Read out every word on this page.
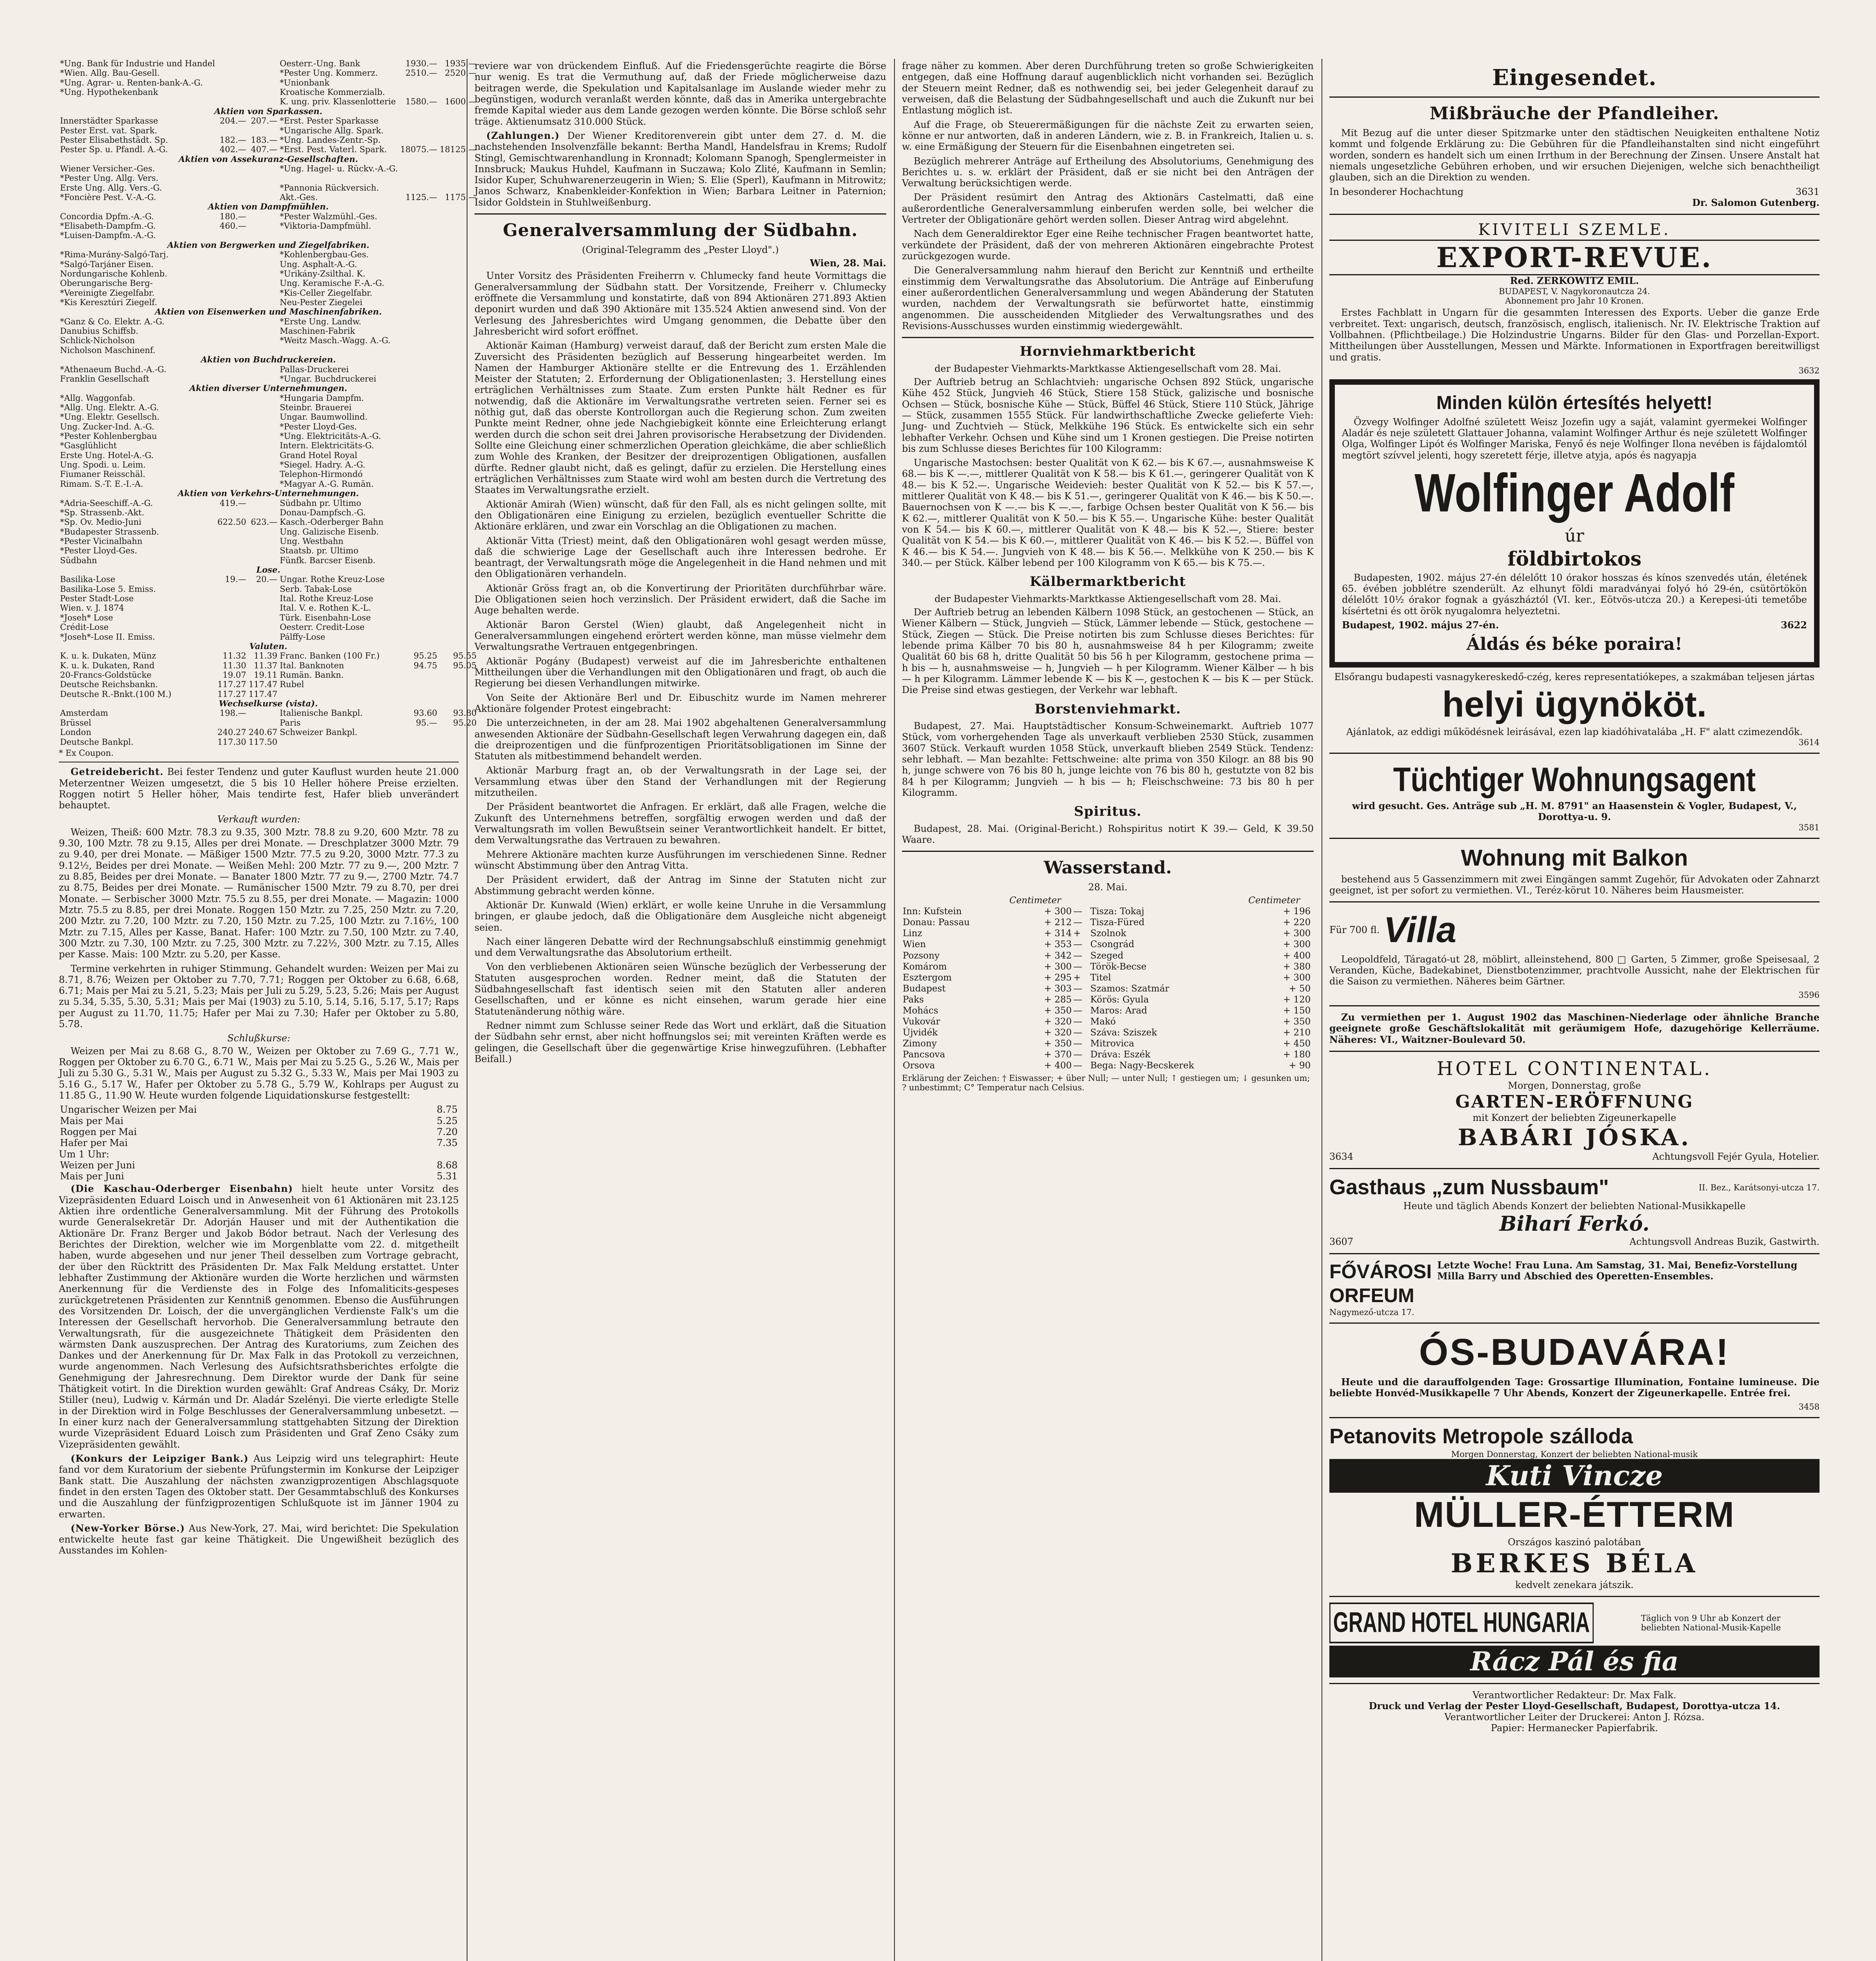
*Ung. Bank für Industrie und Handel			Oesterr.-Ung. Bank	1930.—	1935.—
*Wien. Allg. Bau-Gesell.			*Pester Ung. Kommerz.	2510.—	2520.—
*Ung. Agrar- u. Renten-bank-A.-G.			*Unionbank		
*Ung. Hypothekenbank			Kroatische Kommerzialb.		
			K. ung. priv. Klassenlotterie	1580.—	1600.—
Aktien von Sparkassen.					
Innerstädter Sparkasse	204.—	207.—	*Erst. Pester Sparkasse		
Pester Erst. vat. Spark.			*Ungarische Allg. Spark.		
Pester Elisabethstädt. Sp.	182.—	183.—	*Ung. Landes-Zentr.-Sp.		
Pester Sp. u. Pfandl. A.-G.	402.—	407.—	*Erst. Pest. Vaterl. Spark.	18075.—	18125.—
Aktien von Assekuranz-Gesellschaften.					
Wiener Versicher.-Ges.			*Ung. Hagel- u. Rückv.-A.-G.		
*Pester Ung. Allg. Vers.					
Erste Ung. Allg. Vers.-G.			*Pannonia Rückversich.		
*Foncière Pest. V.-A.-G.			Akt.-Ges.	1125.—	1175.—
Aktien von Dampfmühlen.					
Concordia Dpfm.-A.-G.	180.—		*Pester Walzmühl.-Ges.		
*Elisabeth-Dampfm.-G.	460.—		*Viktoria-Dampfmühl.		
*Luisen-Dampfm.-A.-G.					
Aktien von Bergwerken und Ziegelfabriken.					
*Rima-Murány-Salgó-Tarj.			*Kohlenbergbau-Ges.		
*Salgó-Tarjáner Eisen.			Ung. Asphalt-A.-G.		
Nordungarische Kohlenb.			*Urikány-Zsilthal. K.		
Oberungarische Berg-			Ung. Keramische F.-A.-G.		
*Vereinigte Ziegelfabr.			*Kis-Celler Ziegelfabr.		
*Kis Keresztúri Ziegelf.			Neu-Pester Ziegelei		
Aktien von Eisenwerken und Maschinenfabriken.					
*Ganz & Co. Elektr. A.-G.			*Erste Ung. Landw.		
Danubius Schiffsb.			Maschinen-Fabrik		
Schlick-Nicholson			*Weitz Masch.-Wagg. A.-G.		
Nicholson Maschinenf.					
Aktien von Buchdruckereien.					
*Athenaeum Buchd.-A.-G.			Pallas-Druckerei		
Franklin Gesellschaft			*Ungar. Buchdruckerei		
Aktien diverser Unternehmungen.					
*Allg. Waggonfab.			*Hungaria Dampfm.		
*Allg. Ung. Elektr. A.-G.			Steinbr. Brauerei		
*Ung. Elektr. Gesellsch.			Ungar. Baumwollind.		
Ung. Zucker-Ind. A.-G.			*Pester Lloyd-Ges.		
*Pester Kohlenbergbau			*Ung. Elektricitäts-A.-G.		
*Gasglühlicht			Intern. Elektricitäts-G.		
Erste Ung. Hotel-A.-G.			Grand Hotel Royal		
Ung. Spodi. u. Leim.			*Siegel. Hadry. A.-G.		
Fiumaner Reisschäl.			Telephon-Hirmondó		
Rimam. S.-T. E.-I.-A.			*Magyar A.-G. Rumän.		
Aktien von Verkehrs-Unternehmungen.					
*Adria-Seeschiff.-A.-G.	419.—		Südbahn pr. Ultimo		
*Sp. Strassenb.-Akt.			Donau-Dampfsch.-G.		
*Sp. Ov. Medio-Juni	622.50	623.—	Kasch.-Oderberger Bahn		
*Budapester Strassenb.			Ung. Galizische Eisenb.		
*Pester Vicinalbahn			Ung. Westbahn		
*Pester Lloyd-Ges.			Staatsb. pr. Ultimo		
Südbahn			Fünfk. Barcser Eisenb.		
Lose.					
Basilika-Lose	19.—	20.—	Ungar. Rothe Kreuz-Lose		
Basilika-Lose 5. Emiss.			Serb. Tabak-Lose		
Pester Stadt-Lose			Ital. Rothe Kreuz-Lose		
Wien. v. J. 1874			Ital. V. e. Rothen K.-L.		
*Joseh* Lose			Türk. Eisenbahn-Lose		
Crédit-Lose			Oesterr. Credit-Lose		
*Joseh*-Lose II. Emiss.			Pálffy-Lose		
Valuten.					
K. u. k. Dukaten, Münz	11.32	11.39	Franc. Banken (100 Fr.)	95.25	95.55
K. u. k. Dukaten, Rand	11.30	11.37	Ital. Banknoten	94.75	95.05
20-Francs-Goldstücke	19.07	19.11	Rumän. Bankn.		
Deutsche Reichsbankn.	117.27	117.47	Rubel		
Deutsche R.-Bnkt.(100 M.)	117.27	117.47			
Wechselkurse (vista).					
Amsterdam	198.—		Italienische Bankpl.	93.60	93.80
Brüssel			Paris	95.—	95.20
London	240.27	240.67	Schweizer Bankpl.		
Deutsche Bankpl.	117.30	117.50			
* Ex Coupon.
Getreidebericht. Bei fester Tendenz und guter Kauflust wurden heute 21.000 Meterzentner Weizen umgesetzt, die 5 bis 10 Heller höhere Preise erzielten. Roggen notirt 5 Heller höher, Mais tendirte fest, Hafer blieb unverändert behauptet.
Verkauft wurden:
Weizen, Theiß: 600 Mztr. 78.3 zu 9.35, 300 Mztr. 78.8 zu 9.20, 600 Mztr. 78 zu 9.30, 100 Mztr. 78 zu 9.15, Alles per drei Monate. — Dreschplatzer 3000 Mztr. 79 zu 9.40, per drei Monate. — Mäßiger 1500 Mztr. 77.5 zu 9.20, 3000 Mztr. 77.3 zu 9.12½, Beides per drei Monate. — Weißen Mehl: 200 Mztr. 77 zu 9.—, 200 Mztr. 7 zu 8.85, Beides per drei Monate. — Banater 1800 Mztr. 77 zu 9.—, 2700 Mztr. 74.7 zu 8.75, Beides per drei Monate. — Rumänischer 1500 Mztr. 79 zu 8.70, per drei Monate. — Serbischer 3000 Mztr. 75.5 zu 8.55, per drei Monate. — Magazin: 1000 Mztr. 75.5 zu 8.85, per drei Monate. Roggen 150 Mztr. zu 7.25, 250 Mztr. zu 7.20, 200 Mztr. zu 7.20, 100 Mztr. zu 7.20, 150 Mztr. zu 7.25, 100 Mztr. zu 7.16½, 100 Mztr. zu 7.15, Alles per Kasse, Banat. Hafer: 100 Mztr. zu 7.50, 100 Mztr. zu 7.40, 300 Mztr. zu 7.30, 100 Mztr. zu 7.25, 300 Mztr. zu 7.22½, 300 Mztr. zu 7.15, Alles per Kasse. Mais: 100 Mztr. zu 5.20, per Kasse.
Termine verkehrten in ruhiger Stimmung. Gehandelt wurden: Weizen per Mai zu 8.71, 8.76; Weizen per Oktober zu 7.70, 7.71; Roggen per Oktober zu 6.68, 6.68, 6.71; Mais per Mai zu 5.21, 5.23; Mais per Juli zu 5.29, 5.23, 5.26; Mais per August zu 5.34, 5.35, 5.30, 5.31; Mais per Mai (1903) zu 5.10, 5.14, 5.16, 5.17, 5.17; Raps per August zu 11.70, 11.75; Hafer per Mai zu 7.30; Hafer per Oktober zu 5.80, 5.78.
Schlußkurse:
Weizen per Mai zu 8.68 G., 8.70 W., Weizen per Oktober zu 7.69 G., 7.71 W., Roggen per Oktober zu 6.70 G., 6.71 W., Mais per Mai zu 5.25 G., 5.26 W., Mais per Juli zu 5.30 G., 5.31 W., Mais per August zu 5.32 G., 5.33 W., Mais per Mai 1903 zu 5.16 G., 5.17 W., Hafer per Oktober zu 5.78 G., 5.79 W., Kohlraps per August zu 11.85 G., 11.90 W. Heute wurden folgende Liquidationskurse festgestellt:
Ungarischer Weizen per Mai	8.75
Mais per Mai	5.25
Roggen per Mai	7.20
Hafer per Mai	7.35
Um 1 Uhr:
Weizen per Juni	8.68
Mais per Juni	5.31
(Die Kaschau-Oderberger Eisenbahn) hielt heute unter Vorsitz des Vizepräsidenten Eduard Loisch und in Anwesenheit von 61 Aktionären mit 23.125 Aktien ihre ordentliche Generalversammlung. Mit der Führung des Protokolls wurde Generalsekretär Dr. Adorján Hauser und mit der Authentikation die Aktionäre Dr. Franz Berger und Jakob Bódor betraut. Nach der Verlesung des Berichtes der Direktion, welcher wie im Morgenblatte vom 22. d. mitgetheilt haben, wurde abgesehen und nur jener Theil desselben zum Vortrage gebracht, der über den Rücktritt des Präsidenten Dr. Max Falk Meldung erstattet. Unter lebhafter Zustimmung der Aktionäre wurden die Worte herzlichen und wärmsten Anerkennung für die Verdienste des in Folge des Infomaliticits-gespeses zurückgetretenen Präsidenten zur Kenntniß genommen. Ebenso die Ausführungen des Vorsitzenden Dr. Loisch, der die unvergänglichen Verdienste Falk's um die Interessen der Gesellschaft hervorhob. Die Generalversammlung betraute den Verwaltungsrath, für die ausgezeichnete Thätigkeit dem Präsidenten den wärmsten Dank auszusprechen. Der Antrag des Kuratoriums, zum Zeichen des Dankes und der Anerkennung für Dr. Max Falk in das Protokoll zu verzeichnen, wurde angenommen. Nach Verlesung des Aufsichtsrathsberichtes erfolgte die Genehmigung der Jahresrechnung. Dem Direktor wurde der Dank für seine Thätigkeit votirt. In die Direktion wurden gewählt: Graf Andreas Csáky, Dr. Moriz Stiller (neu), Ludwig v. Kármán und Dr. Aladár Szelényi. Die vierte erledigte Stelle in der Direktion wird in Folge Beschlusses der Generalversammlung unbesetzt. — In einer kurz nach der Generalversammlung stattgehabten Sitzung der Direktion wurde Vizepräsident Eduard Loisch zum Präsidenten und Graf Zeno Csáky zum Vizepräsidenten gewählt.
(Konkurs der Leipziger Bank.) Aus Leipzig wird uns telegraphirt: Heute fand vor dem Kuratorium der siebente Prüfungstermin im Konkurse der Leipziger Bank statt. Die Auszahlung der nächsten zwanzigprozentigen Abschlagsquote findet in den ersten Tagen des Oktober statt. Der Gesammtabschluß des Konkurses und die Auszahlung der fünfzigprozentigen Schlußquote ist im Jänner 1904 zu erwarten.
(New-Yorker Börse.) Aus New-York, 27. Mai, wird berichtet: Die Spekulation entwickelte heute fast gar keine Thätigkeit. Die Ungewißheit bezüglich des Ausstandes im Kohlen-
reviere war von drückendem Einfluß. Auf die Friedensgerüchte reagirte die Börse nur wenig. Es trat die Vermuthung auf, daß der Friede möglicherweise dazu beitragen werde, die Spekulation und Kapitalsanlage im Auslande wieder mehr zu begünstigen, wodurch veranlaßt werden könnte, daß das in Amerika untergebrachte fremde Kapital wieder aus dem Lande gezogen werden könnte. Die Börse schloß sehr träge. Aktienumsatz 310.000 Stück.
(Zahlungen.) Der Wiener Kreditorenverein gibt unter dem 27. d. M. die nachstehenden Insolvenzfälle bekannt: Bertha Mandl, Handelsfrau in Krems; Rudolf Stingl, Gemischtwarenhandlung in Kronnadt; Kolomann Spanogh, Spenglermeister in Innsbruck; Maukus Huhdel, Kaufmann in Suczawa; Kolo Zlité, Kaufmann in Semlin; Isidor Kuper, Schuhwarenerzeugerin in Wien; S. Elie (Sperl), Kaufmann in Mitrowitz; Janos Schwarz, Knabenkleider-Konfektion in Wien; Barbara Leitner in Paternion; Isidor Goldstein in Stuhlweißenburg.
Generalversammlung der Südbahn.
(Original-Telegramm des „Pester Lloyd".)
Wien, 28. Mai.
Unter Vorsitz des Präsidenten Freiherrn v. Chlumecky fand heute Vormittags die Generalversammlung der Südbahn statt. Der Vorsitzende, Freiherr v. Chlumecky eröffnete die Versammlung und konstatirte, daß von 894 Aktionären 271.893 Aktien deponirt wurden und daß 390 Aktionäre mit 135.524 Aktien anwesend sind. Von der Verlesung des Jahresberichtes wird Umgang genommen, die Debatte über den Jahresbericht wird sofort eröffnet.
Aktionär Kaiman (Hamburg) verweist darauf, daß der Bericht zum ersten Male die Zuversicht des Präsidenten bezüglich auf Besserung hingearbeitet werden. Im Namen der Hamburger Aktionäre stellte er die Entrevung des 1. Erzählenden Meister der Statuten; 2. Erfordernung der Obligationenlasten; 3. Herstellung eines erträglichen Verhältnisses zum Staate. Zum ersten Punkte hält Redner es für notwendig, daß die Aktionäre im Verwaltungsrathe vertreten seien. Ferner sei es nöthig gut, daß das oberste Kontrollorgan auch die Regierung schon. Zum zweiten Punkte meint Redner, ohne jede Nachgiebigkeit könnte eine Erleichterung erlangt werden durch die schon seit drei Jahren provisorische Herabsetzung der Dividenden. Sollte eine Gleichung einer schmerzlichen Operation gleichkäme, die aber schließlich zum Wohle des Kranken, der Besitzer der dreiprozentigen Obligationen, ausfallen dürfte. Redner glaubt nicht, daß es gelingt, dafür zu erzielen. Die Herstellung eines erträglichen Verhältnisses zum Staate wird wohl am besten durch die Vertretung des Staates im Verwaltungsrathe erzielt.
Aktionär Amirah (Wien) wünscht, daß für den Fall, als es nicht gelingen sollte, mit den Obligationären eine Einigung zu erzielen, bezüglich eventueller Schritte die Aktionäre erklären, und zwar ein Vorschlag an die Obligationen zu machen.
Aktionär Vitta (Triest) meint, daß den Obligationären wohl gesagt werden müsse, daß die schwierige Lage der Gesellschaft auch ihre Interessen bedrohe. Er beantragt, der Verwaltungsrath möge die Angelegenheit in die Hand nehmen und mit den Obligationären verhandeln.
Aktionär Gröss fragt an, ob die Konvertirung der Prioritäten durchführbar wäre. Die Obligationen seien hoch verzinslich. Der Präsident erwidert, daß die Sache im Auge behalten werde.
Aktionär Baron Gerstel (Wien) glaubt, daß Angelegenheit nicht in Generalversammlungen eingehend erörtert werden könne, man müsse vielmehr dem Verwaltungsrathe Vertrauen entgegenbringen.
Aktionär Pogány (Budapest) verweist auf die im Jahresberichte enthaltenen Mittheilungen über die Verhandlungen mit den Obligationären und fragt, ob auch die Regierung bei diesen Verhandlungen mitwirke.
Von Seite der Aktionäre Berl und Dr. Eibuschitz wurde im Namen mehrerer Aktionäre folgender Protest eingebracht:
Die unterzeichneten, in der am 28. Mai 1902 abgehaltenen Generalversammlung anwesenden Aktionäre der Südbahn-Gesellschaft legen Verwahrung dagegen ein, daß die dreiprozentigen und die fünfprozentigen Prioritätsobligationen im Sinne der Statuten als mitbestimmend behandelt werden.
Aktionär Marburg fragt an, ob der Verwaltungsrath in der Lage sei, der Versammlung etwas über den Stand der Verhandlungen mit der Regierung mitzutheilen.
Der Präsident beantwortet die Anfragen. Er erklärt, daß alle Fragen, welche die Zukunft des Unternehmens betreffen, sorgfältig erwogen werden und daß der Verwaltungsrath im vollen Bewußtsein seiner Verantwortlichkeit handelt. Er bittet, dem Verwaltungsrathe das Vertrauen zu bewahren.
Mehrere Aktionäre machten kurze Ausführungen im verschiedenen Sinne. Redner wünscht Abstimmung über den Antrag Vitta.
Der Präsident erwidert, daß der Antrag im Sinne der Statuten nicht zur Abstimmung gebracht werden könne.
Aktionär Dr. Kunwald (Wien) erklärt, er wolle keine Unruhe in die Versammlung bringen, er glaube jedoch, daß die Obligationäre dem Ausgleiche nicht abgeneigt seien.
Nach einer längeren Debatte wird der Rechnungsabschluß einstimmig genehmigt und dem Verwaltungsrathe das Absolutorium ertheilt.
Von den verbliebenen Aktionären seien Wünsche bezüglich der Verbesserung der Statuten ausgesprochen worden. Redner meint, daß die Statuten der Südbahngesellschaft fast identisch seien mit den Statuten aller anderen Gesellschaften, und er könne es nicht einsehen, warum gerade hier eine Statutenänderung nöthig wäre.
Redner nimmt zum Schlusse seiner Rede das Wort und erklärt, daß die Situation der Südbahn sehr ernst, aber nicht hoffnungslos sei; mit vereinten Kräften werde es gelingen, die Gesellschaft über die gegenwärtige Krise hinwegzuführen. (Lebhafter Beifall.)
frage näher zu kommen. Aber deren Durchführung treten so große Schwierigkeiten entgegen, daß eine Hoffnung darauf augenblicklich nicht vorhanden sei. Bezüglich der Steuern meint Redner, daß es nothwendig sei, bei jeder Gelegenheit darauf zu verweisen, daß die Belastung der Südbahngesellschaft und auch die Zukunft nur bei Entlastung möglich ist.
Auf die Frage, ob Steuerermäßigungen für die nächste Zeit zu erwarten seien, könne er nur antworten, daß in anderen Ländern, wie z. B. in Frankreich, Italien u. s. w. eine Ermäßigung der Steuern für die Eisenbahnen eingetreten sei.
Bezüglich mehrerer Anträge auf Ertheilung des Absolutoriums, Genehmigung des Berichtes u. s. w. erklärt der Präsident, daß er sie nicht bei den Anträgen der Verwaltung berücksichtigen werde.
Der Präsident resümirt den Antrag des Aktionärs Castelmatti, daß eine außerordentliche Generalversammlung einberufen werden solle, bei welcher die Vertreter der Obligationäre gehört werden sollen. Dieser Antrag wird abgelehnt.
Nach dem Generaldirektor Eger eine Reihe technischer Fragen beantwortet hatte, verkündete der Präsident, daß der von mehreren Aktionären eingebrachte Protest zurückgezogen wurde.
Die Generalversammlung nahm hierauf den Bericht zur Kenntniß und ertheilte einstimmig dem Verwaltungsrathe das Absolutorium. Die Anträge auf Einberufung einer außerordentlichen Generalversammlung und wegen Abänderung der Statuten wurden, nachdem der Verwaltungsrath sie befürwortet hatte, einstimmig angenommen. Die ausscheidenden Mitglieder des Verwaltungsrathes und des Revisions-Ausschusses wurden einstimmig wiedergewählt.
Hornviehmarktbericht
der Budapester Viehmarkts-Marktkasse Aktiengesellschaft vom 28. Mai.
Der Auftrieb betrug an Schlachtvieh: ungarische Ochsen 892 Stück, ungarische Kühe 452 Stück, Jungvieh 46 Stück, Stiere 158 Stück, galizische und bosnische Ochsen — Stück, bosnische Kühe — Stück, Büffel 46 Stück, Stiere 110 Stück, Jährige — Stück, zusammen 1555 Stück. Für landwirthschaftliche Zwecke gelieferte Vieh: Jung- und Zuchtvieh — Stück, Melkkühe 196 Stück. Es entwickelte sich ein sehr lebhafter Verkehr. Ochsen und Kühe sind um 1 Kronen gestiegen. Die Preise notirten bis zum Schlusse dieses Berichtes für 100 Kilogramm:
Ungarische Mastochsen: bester Qualität von K 62.— bis K 67.—, ausnahmsweise K 68.— bis K —.—, mittlerer Qualität von K 58.— bis K 61.—, geringerer Qualität von K 48.— bis K 52.—. Ungarische Weidevieh: bester Qualität von K 52.— bis K 57.—, mittlerer Qualität von K 48.— bis K 51.—, geringerer Qualität von K 46.— bis K 50.—. Bauernochsen von K —.— bis K —.—, farbige Ochsen bester Qualität von K 56.— bis K 62.—, mittlerer Qualität von K 50.— bis K 55.—. Ungarische Kühe: bester Qualität von K 54.— bis K 60.—, mittlerer Qualität von K 48.— bis K 52.—, Stiere: bester Qualität von K 54.— bis K 60.—, mittlerer Qualität von K 46.— bis K 52.—. Büffel von K 46.— bis K 54.—. Jungvieh von K 48.— bis K 56.—. Melkkühe von K 250.— bis K 340.— per Stück. Kälber lebend per 100 Kilogramm von K 65.— bis K 75.—.
Kälbermarktbericht
der Budapester Viehmarkts-Marktkasse Aktiengesellschaft vom 28. Mai.
Der Auftrieb betrug an lebenden Kälbern 1098 Stück, an gestochenen — Stück, an Wiener Kälbern — Stück, Jungvieh — Stück, Lämmer lebende — Stück, gestochene — Stück, Ziegen — Stück. Die Preise notirten bis zum Schlusse dieses Berichtes: für lebende prima Kälber 70 bis 80 h, ausnahmsweise 84 h per Kilogramm; zweite Qualität 60 bis 68 h, dritte Qualität 50 bis 56 h per Kilogramm, gestochene prima — h bis — h, ausnahmsweise — h, Jungvieh — h per Kilogramm. Wiener Kälber — h bis — h per Kilogramm. Lämmer lebende K — bis K —, gestochen K — bis K — per Stück. Die Preise sind etwas gestiegen, der Verkehr war lebhaft.
Borstenviehmarkt.
Budapest, 27. Mai. Hauptstädtischer Konsum-Schweinemarkt. Auftrieb 1077 Stück, vom vorhergehenden Tage als unverkauft verblieben 2530 Stück, zusammen 3607 Stück. Verkauft wurden 1058 Stück, unverkauft blieben 2549 Stück. Tendenz: sehr lebhaft. — Man bezahlte: Fettschweine: alte prima von 350 Kilogr. an 88 bis 90 h, junge schwere von 76 bis 80 h, junge leichte von 76 bis 80 h, gestutzte von 82 bis 84 h per Kilogramm; Jungvieh — h bis — h; Fleischschweine: 73 bis 80 h per Kilogramm.
Spiritus.
Budapest, 28. Mai. (Original-Bericht.) Rohspiritus notirt K 39.— Geld, K 39.50 Waare.
Wasserstand.
28. Mai.
	Centimeter				Centimeter	
Inn: Kufstein	+ 300	—		Tisza: Tokaj	+ 196	
Donau: Passau	+ 212	—		Tisza-Füred	+ 220	
Linz	+ 314	+		Szolnok	+ 300	
Wien	+ 353	—		Csongrád	+ 300	
Pozsony	+ 342	—		Szeged	+ 400	
Komárom	+ 300	—		Török-Becse	+ 380	
Esztergom	+ 295	+		Titel	+ 300	
Budapest	+ 303	—		Szamos: Szatmár	+ 50	
Paks	+ 285	—		Körös: Gyula	+ 120	
Mohács	+ 350	—		Maros: Arad	+ 150	
Vukovár	+ 320	—		Makó	+ 350	
Újvidék	+ 320	—		Száva: Sziszek	+ 210	
Zimony	+ 350	—		Mitrovica	+ 450	
Pancsova	+ 370	—		Dráva: Eszék	+ 180	
Orsova	+ 400	—		Bega: Nagy-Becskerek	+ 90	
Erklärung der Zeichen: † Eiswasser; + über Null; — unter Null; ↑ gestiegen um; ↓ gesunken um; ? unbestimmt; C° Temperatur nach Celsius.
Eingesendet.
Mißbräuche der Pfandleiher.
Mit Bezug auf die unter dieser Spitzmarke unter den städtischen Neuigkeiten enthaltene Notiz kommt und folgende Erklärung zu: Die Gebühren für die Pfandleihanstalten sind nicht eingeführt worden, sondern es handelt sich um einen Irrthum in der Berechnung der Zinsen. Unsere Anstalt hat niemals ungesetzliche Gebühren erhoben, und wir ersuchen Diejenigen, welche sich benachtheiligt glauben, sich an die Direktion zu wenden.
In besonderer Hochachtung	3631
Dr. Salomon Gutenberg.
KIVITELI SZEMLE.
EXPORT-REVUE.
Red. ZERKOWITZ EMIL.
BUDAPEST, V. Nagykoronautcza 24.
Abonnement pro Jahr 10 Kronen.
Erstes Fachblatt in Ungarn für die gesammten Interessen des Exports. Ueber die ganze Erde verbreitet. Text: ungarisch, deutsch, französisch, englisch, italienisch. Nr. IV. Elektrische Traktion auf Vollbahnen. (Pflichtbeilage.) Die Holzindustrie Ungarns. Bilder für den Glas- und Porzellan-Export. Mittheilungen über Ausstellungen, Messen und Märkte. Informationen in Exportfragen bereitwilligst und gratis.
3632
Minden külön értesítés helyett!
Özvegy Wolfinger Adolfné született Weisz Jozefin ugy a saját, valamint gyermekei Wolfinger Aladár és neje született Glattauer Johanna, valamint Wolfinger Arthur és neje született Wolfinger Olga, Wolfinger Lipót és Wolfinger Mariska, Fenyő és neje Wolfinger Ilona nevében is fájdalomtól megtört szívvel jelenti, hogy szeretett férje, illetve atyja, após és nagyapja
Wolfinger Adolf
úr
földbirtokos
Budapesten, 1902. május 27-én délelőtt 10 órakor hosszas és kínos szenvedés után, életének 65. évében jobblétre szenderült. Az elhunyt földi maradványai folyó hó 29-én, csütörtökön délelőtt 10½ órakor fognak a gyászháztól (VI. ker., Eötvös-utcza 20.) a Kerepesi-úti temetőbe kísértetni és ott örök nyugalomra helyeztetni.
Budapest, 1902. május 27-én.	3622
Áldás és béke poraira!
Elsőrangu budapesti vasnagykereskedő-czég, keres representatiókepes, a szakmában teljesen jártas
helyi ügynököt.
Ajánlatok, az eddigi működésnek leirásával, ezen lap kiadóhivatalába „H. F" alatt czimezendők.
3614
Tüchtiger Wohnungsagent
wird gesucht. Ges. Anträge sub „H. M. 8791" an Haasenstein & Vogler, Budapest, V., Dorottya-u. 9.
3581
Wohnung mit Balkon
bestehend aus 5 Gassenzimmern mit zwei Eingängen sammt Zugehör, für Advokaten oder Zahnarzt geeignet, ist per sofort zu vermiethen. VI., Teréz-körut 10. Näheres beim Hausmeister.
Für 700 fl. Villa
Leopoldfeld, Táragató-ut 28, möblirt, alleinstehend, 800 □ Garten, 5 Zimmer, große Speisesaal, 2 Veranden, Küche, Badekabinet, Dienstbotenzimmer, prachtvolle Aussicht, nahe der Elektrischen für die Saison zu vermiethen. Näheres beim Gärtner.
3596
Zu vermiethen per 1. August 1902 das Maschinen-Niederlage oder ähnliche Branche geeignete große Geschäftslokalität mit geräumigem Hofe, dazugehörige Kellerräume. Näheres: VI., Waitzner-Boulevard 50.
HOTEL CONTINENTAL.
Morgen, Donnerstag, große
GARTEN-ERÖFFNUNG
mit Konzert der beliebten Zigeunerkapelle
BABÁRI JÓSKA.
3634	Achtungsvoll Fejér Gyula, Hotelier.
Gasthaus „zum Nussbaum"	II. Bez., Karátsonyi-utcza 17.
Heute und täglich Abends Konzert der beliebten National-Musikkapelle
Biharí Ferkó.
3607	Achtungsvoll Andreas Buzik, Gastwirth.
FŐVÁROSI
ORFEUM
Nagymező-utcza 17.
Letzte Woche! Frau Luna. Am Samstag, 31. Mai, Benefiz-Vorstellung Milla Barry und Abschied des Operetten-Ensembles.
ÓS-BUDAVÁRA!
Heute und die darauffolgenden Tage: Grossartige Illumination, Fontaine lumineuse. Die beliebte Honvéd-Musikkapelle 7 Uhr Abends, Konzert der Zigeunerkapelle. Entrée frei.
3458
Petanovits Metropole szálloda
Morgen Donnerstag, Konzert der beliebten National-musik
Kuti Vincze
MÜLLER-ÉTTERM
Országos kaszinó palotában
BERKES BÉLA
kedvelt zenekara játszik.
GRAND HOTEL HUNGARIA	Täglich von 9 Uhr ab Konzert der beliebten National-Musik-Kapelle
Rácz Pál és fia
Verantwortlicher Redakteur: Dr. Max Falk.
Druck und Verlag der Pester Lloyd-Gesellschaft, Budapest, Dorottya-utcza 14.
Verantwortlicher Leiter der Druckerei: Anton J. Rózsa.
Papier: Hermanecker Papierfabrik.
